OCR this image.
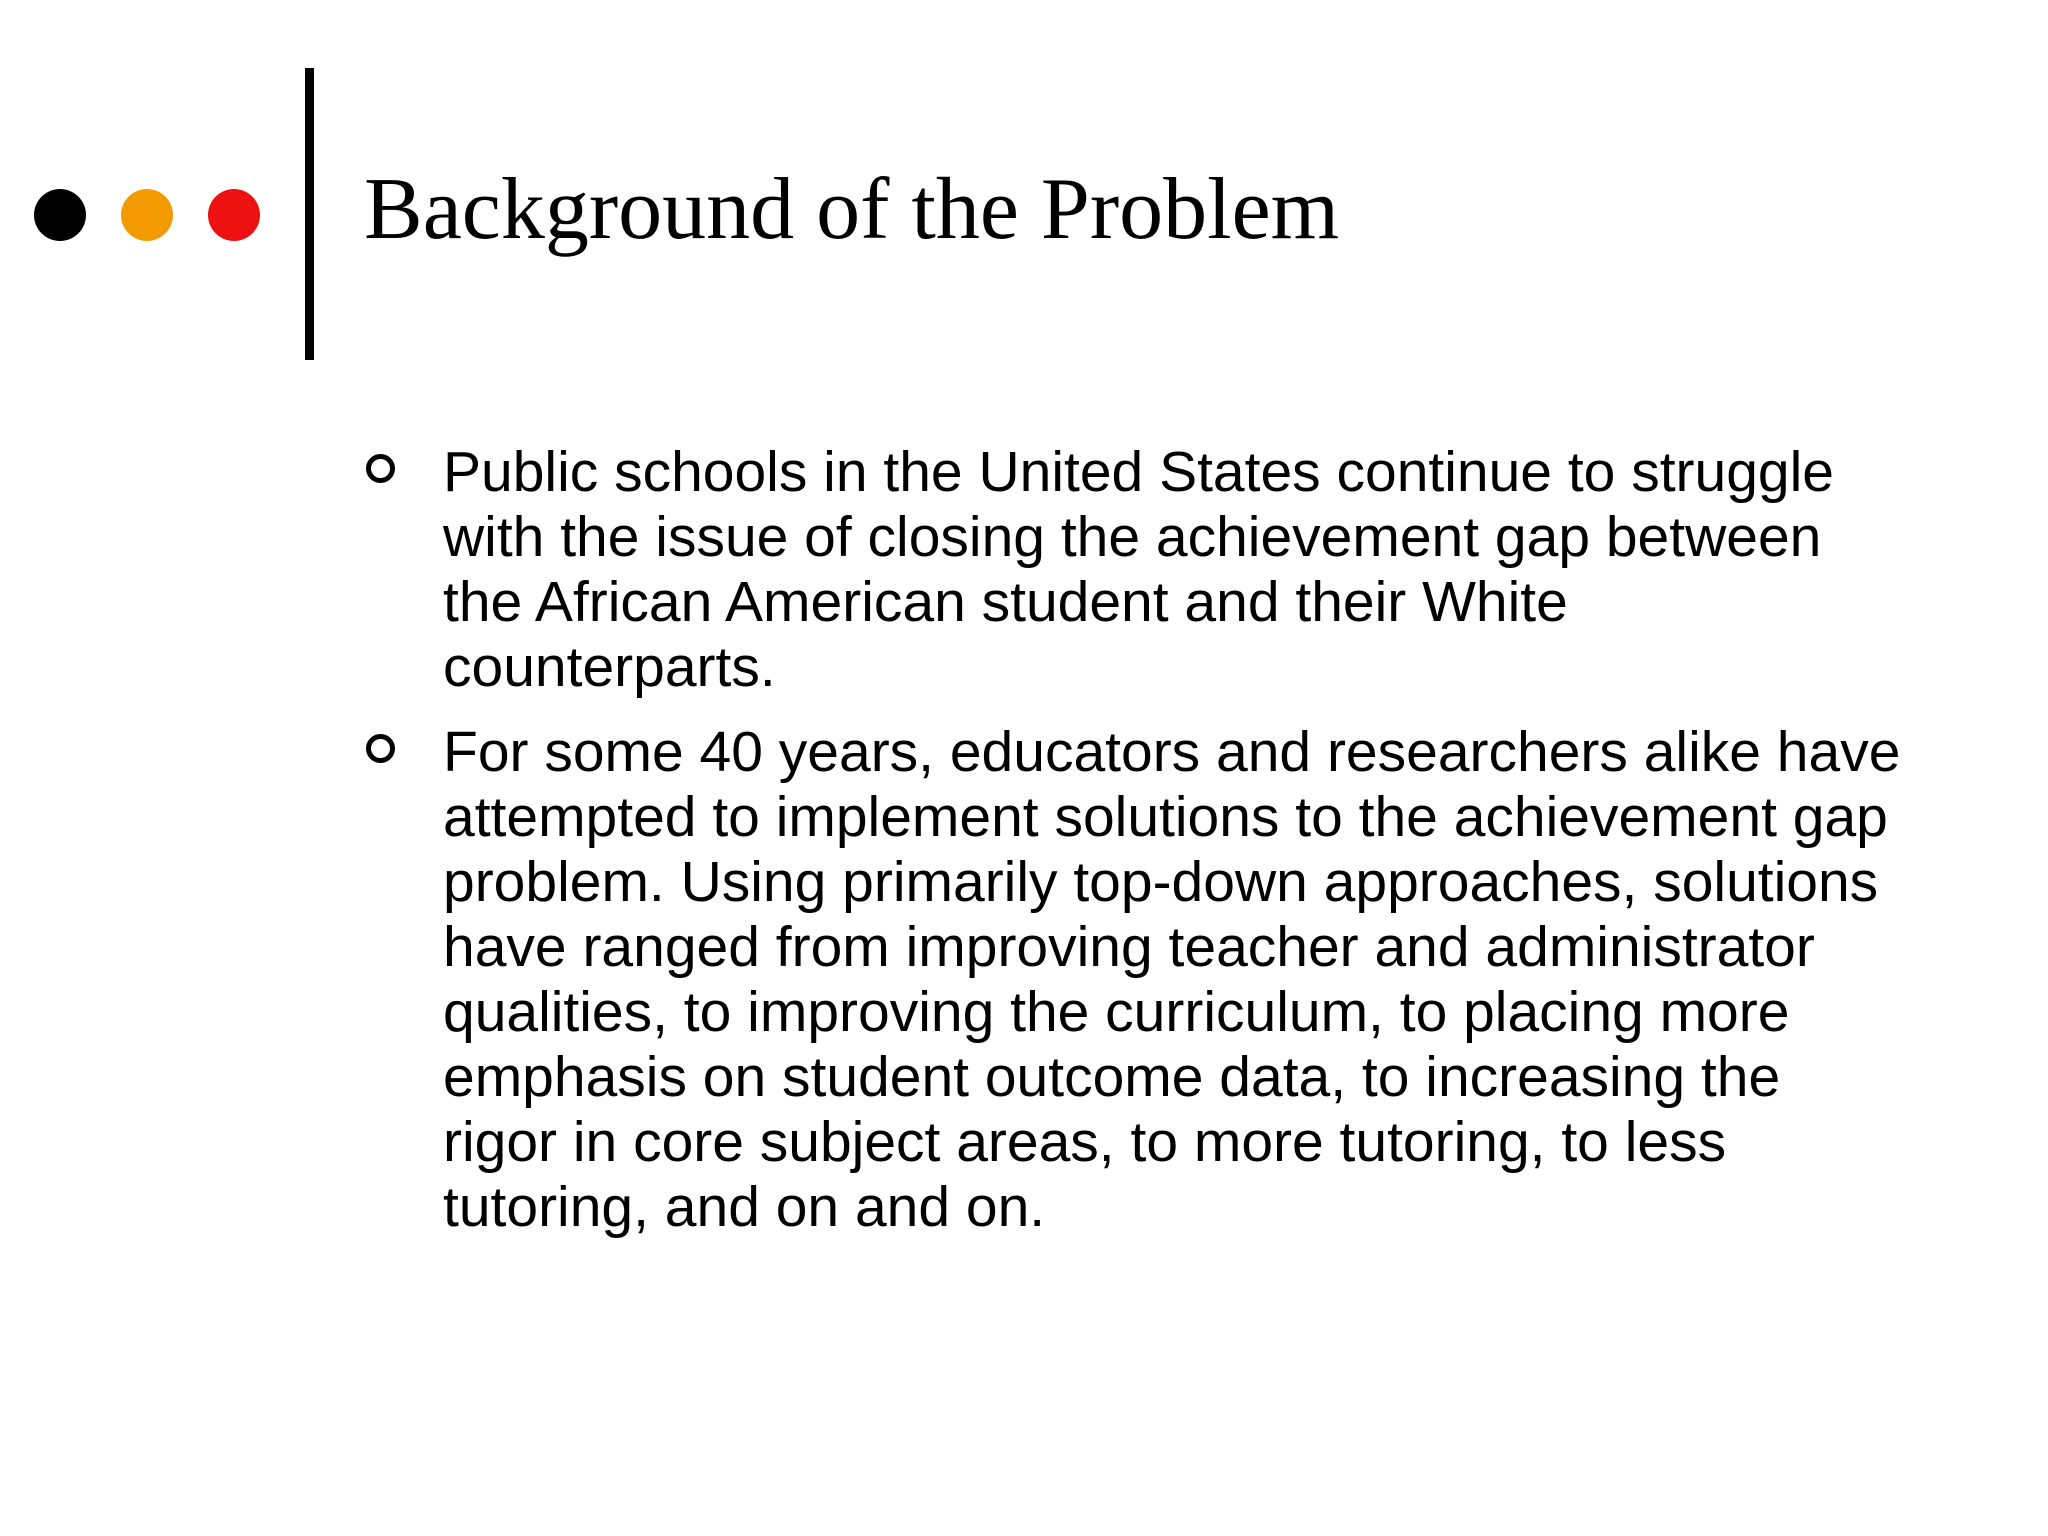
Background of the Problem
Public schools in the United States continue to struggle with the issue of closing the achievement gap between the African American student and their White counterparts.
For some 40 years, educators and researchers alike have attempted to implement solutions to the achievement gap problem. Using primarily top-down approaches, solutions have ranged from improving teacher and administrator qualities, to improving the curriculum, to placing more emphasis on student outcome data, to increasing the rigor in core subject areas, to more tutoring, to less tutoring, and on and on.
